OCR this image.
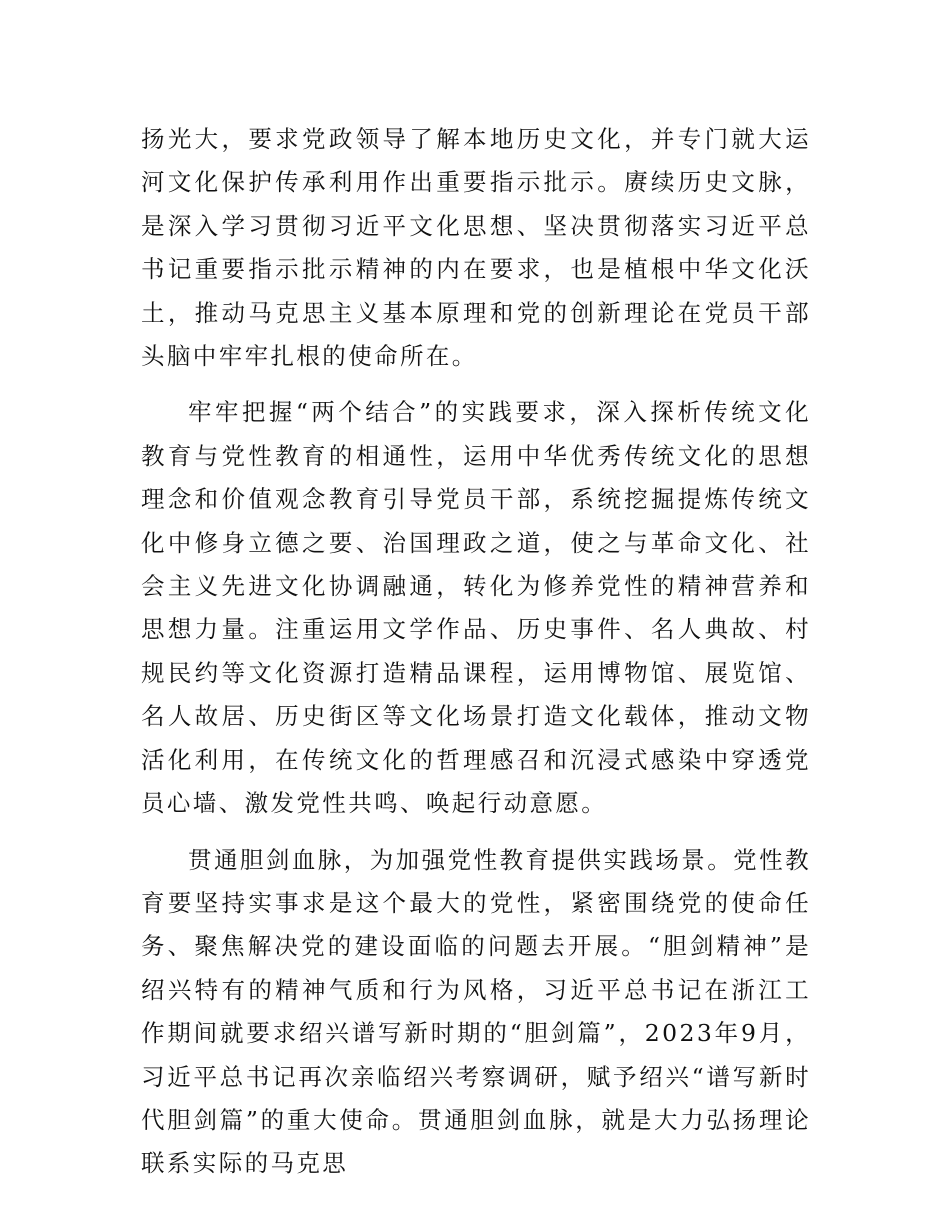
扬光大，要求党政领导了解本地历史文化，并专门就大运河文化保护传承利用作出重要指示批示。赓续历史文脉，是深入学习贯彻习近平文化思想、坚决贯彻落实习近平总书记重要指示批示精神的内在要求，也是植根中华文化沃土，推动马克思主义基本原理和党的创新理论在党员干部头脑中牢牢扎根的使命所在。

牢牢把握“两个结合”的实践要求，深入探析传统文化教育与党性教育的相通性，运用中华优秀传统文化的思想理念和价值观念教育引导党员干部，系统挖掘提炼传统文化中修身立德之要、治国理政之道，使之与革命文化、社会主义先进文化协调融通，转化为修养党性的精神营养和思想力量。注重运用文学作品、历史事件、名人典故、村规民约等文化资源打造精品课程，运用博物馆、展览馆、名人故居、历史街区等文化场景打造文化载体，推动文物活化利用，在传统文化的哲理感召和沉浸式感染中穿透党员心墙、激发党性共鸣、唤起行动意愿。

贯通胆剑血脉，为加强党性教育提供实践场景。党性教育要坚持实事求是这个最大的党性，紧密围绕党的使命任务、聚焦解决党的建设面临的问题去开展。“胆剑精神”是绍兴特有的精神气质和行为风格，习近平总书记在浙江工作期间就要求绍兴谱写新时期的“胆剑篇”，2023年9月，习近平总书记再次亲临绍兴考察调研，赋予绍兴“谱写新时代胆剑篇”的重大使命。贯通胆剑血脉，就是大力弘扬理论联系实际的马克思
